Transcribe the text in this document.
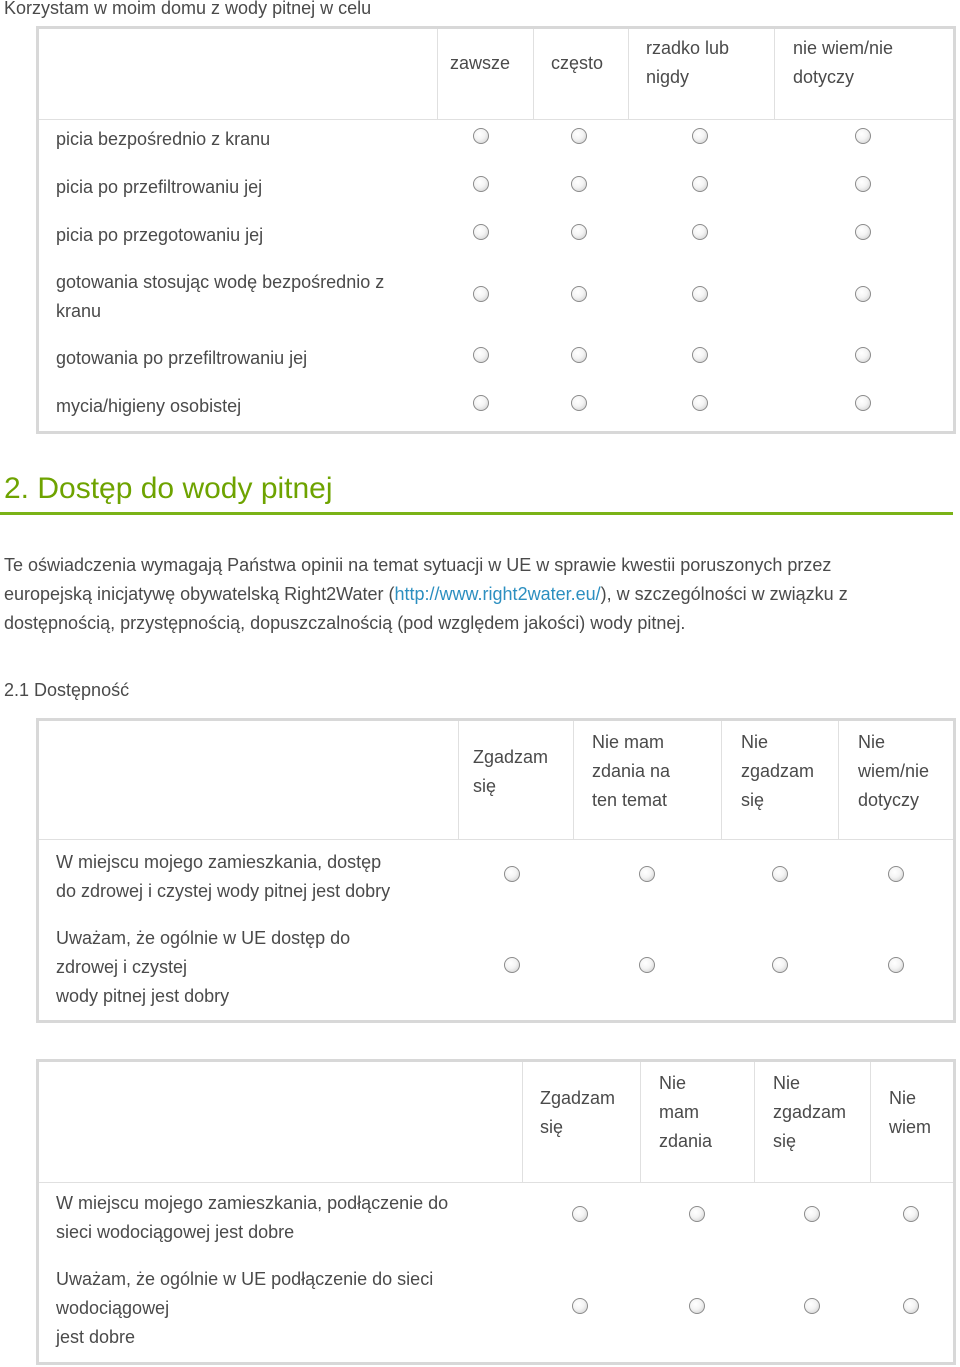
Korzystam w moim domu z wody pitnej w celu
zawsze często
rzadko lub
nigdy
nie wiem/nie
dotyczy
picia bezpośrednio z kranu
picia po przefiltrowaniu jej
picia po przegotowaniu jej
gotowania stosując wodę bezpośrednio z
kranu
gotowania po przefiltrowaniu jej
mycia/higieny osobistej
2. Dostęp do wody pitnej
Te oświadczenia wymagają Państwa opinii na temat sytuacji w UE w sprawie kwestii poruszonych przez
europejską inicjatywę obywatelską Right2Water (http://www.right2water.eu/), w szczególności w związku z
dostępnością, przystępnością, dopuszczalnością (pod względem jakości) wody pitnej.
2.1 Dostępność
Zgadzam
się
Nie mam
zdania na
ten temat
Nie
zgadzam
się
Nie
wiem/nie
dotyczy
W miejscu mojego zamieszkania, dostęp
do zdrowej i czystej wody pitnej jest dobry
Uważam, że ogólnie w UE dostęp do
zdrowej i czystej
wody pitnej jest dobry
Zgadzam
się
Nie
mam
zdania
Nie
zgadzam
się
Nie
wiem
W miejscu mojego zamieszkania, podłączenie do
sieci wodociągowej jest dobre
Uważam, że ogólnie w UE podłączenie do sieci
wodociągowej
jest dobre
